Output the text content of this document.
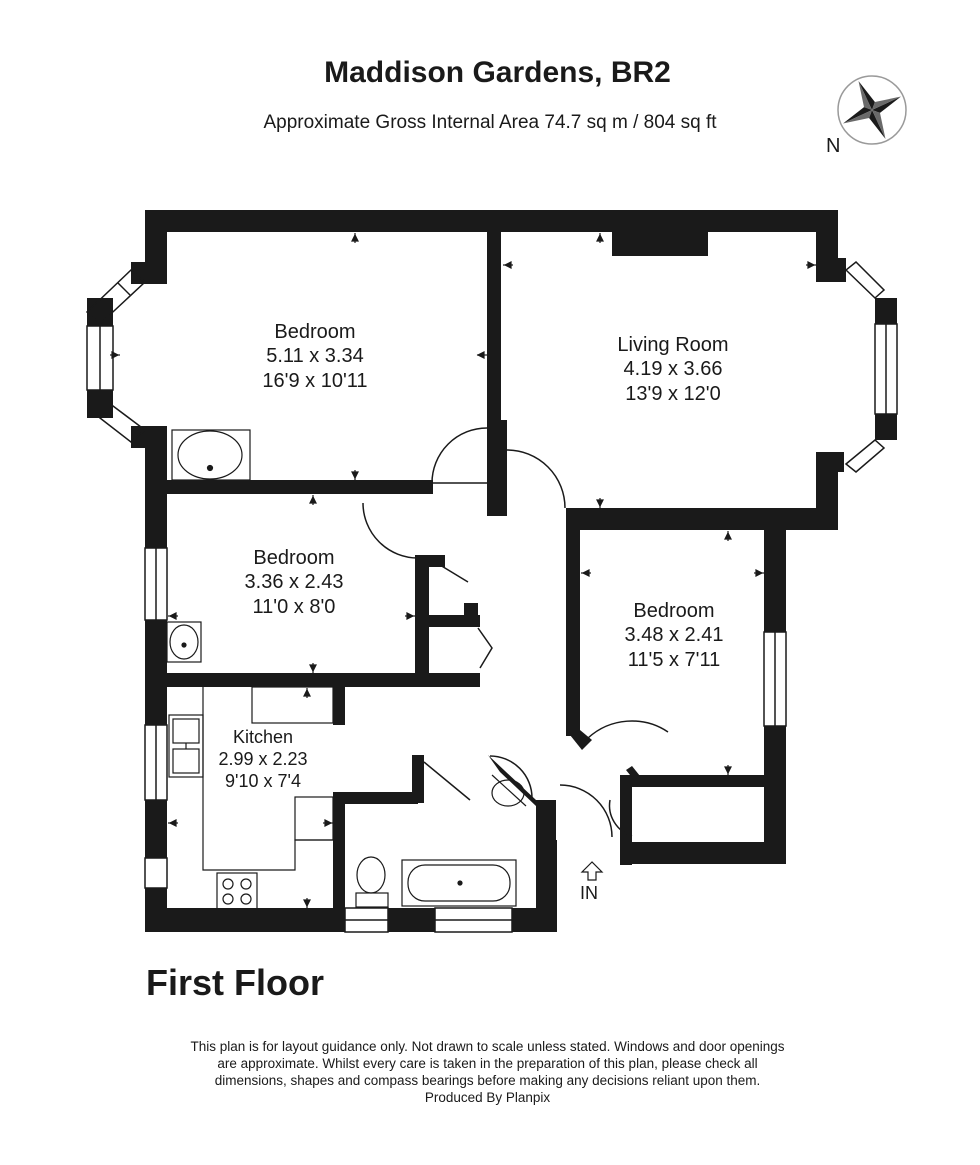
Maddison Gardens, BR2
Approximate Gross Internal Area 74.7 sq m / 804 sq ft
N
Bedroom
5.11 x 3.34
16'9 x 10'11
Living Room
4.19 x 3.66
13'9 x 12'0
Bedroom
3.36 x 2.43
11'0 x 8'0	Bedroom
3.48 x 2.41
11'5 x 7'11
Kitchen
2.99 x 2.23
9'10 x 7'4
IN
First Floor
This plan is for layout guidance only. Not drawn to scale unless stated. Windows and door openings
are approximate. Whilst every care is taken in the preparation of this plan, please check all
dimensions, shapes and compass bearings before making any decisions reliant upon them.
Produced By Planpix
